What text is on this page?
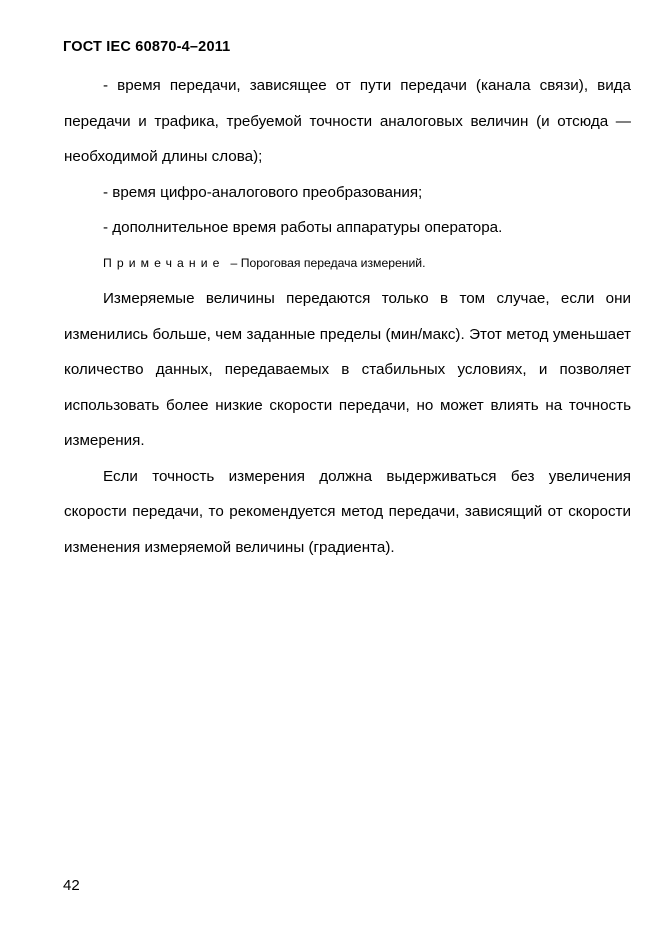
ГОСТ IEC 60870-4–2011

- время передачи, зависящее от пути передачи (канала связи), вида передачи и трафика, требуемой точности аналоговых величин (и отсюда — необходимой длины слова);

- время цифро-аналогового преобразования;

- дополнительное время работы аппаратуры оператора.

Примечание – Пороговая передача измерений.

Измеряемые величины передаются только в том случае, если они изменились больше, чем заданные пределы (мин/макс). Этот метод уменьшает количество данных, передаваемых в стабильных условиях, и позволяет использовать более низкие скорости передачи, но может влиять на точность измерения.

Если точность измерения должна выдерживаться без увеличения скорости передачи, то рекомендуется метод передачи, зависящий от скорости изменения измеряемой величины (градиента).

42
